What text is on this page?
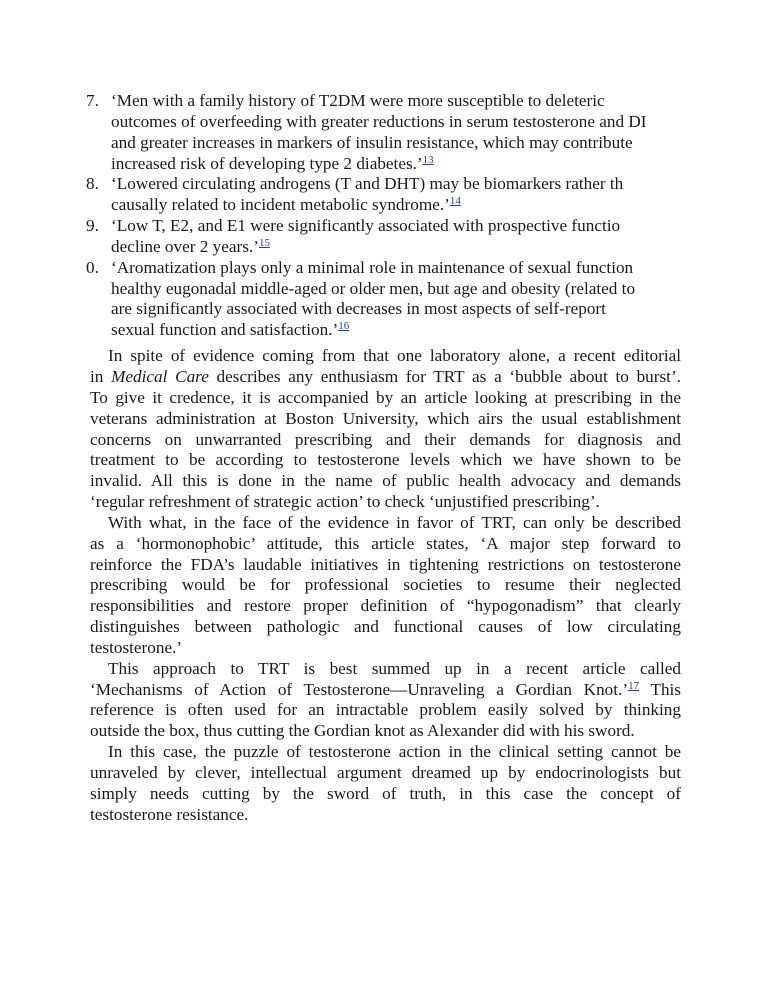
7. ‘Men with a family history of T2DM were more susceptible to deleteric
outcomes of overfeeding with greater reductions in serum testosterone and DI
and greater increases in markers of insulin resistance, which may contribute
increased risk of developing type 2 diabetes.’$^{13}$
8. ‘Lowered circulating androgens (T and DHT) may be biomarkers rather th
causally related to incident metabolic syndrome.’$^{14}$
9. ‘Low T, E2, and E1 were significantly associated with prospective functio
decline over 2 years.’$^{15}$
0. ‘Aromatization plays only a minimal role in maintenance of sexual function
healthy eugonadal middle-aged or older men, but age and obesity (related to
are significantly associated with decreases in most aspects of self-report
sexual function and satisfaction.’$^{16}$
In spite of evidence coming from that one laboratory alone, a recent editorial
in Medical Care describes any enthusiasm for TRT as a ‘bubble about to burst’.
To give it credence, it is accompanied by an article looking at prescribing in the
veterans administration at Boston University, which airs the usual establishment
concerns on unwarranted prescribing and their demands for diagnosis and
treatment to be according to testosterone levels which we have shown to be
invalid. All this is done in the name of public health advocacy and demands
‘regular refreshment of strategic action’ to check ‘unjustified prescribing’.
With what, in the face of the evidence in favor of TRT, can only be described
as a ‘hormonophobic’ attitude, this article states, ‘A major step forward to
reinforce the FDA’s laudable initiatives in tightening restrictions on testosterone
prescribing would be for professional societies to resume their neglected
responsibilities and restore proper definition of “hypogonadism” that clearly
distinguishes between pathologic and functional causes of low circulating
testosterone.’
This approach to TRT is best summed up in a recent article called
‘Mechanisms of Action of Testosterone—Unraveling a Gordian Knot.’$^{17}$ This
reference is often used for an intractable problem easily solved by thinking
outside the box, thus cutting the Gordian knot as Alexander did with his sword.
In this case, the puzzle of testosterone action in the clinical setting cannot be
unraveled by clever, intellectual argument dreamed up by endocrinologists but
simply needs cutting by the sword of truth, in this case the concept of
testosterone resistance.
